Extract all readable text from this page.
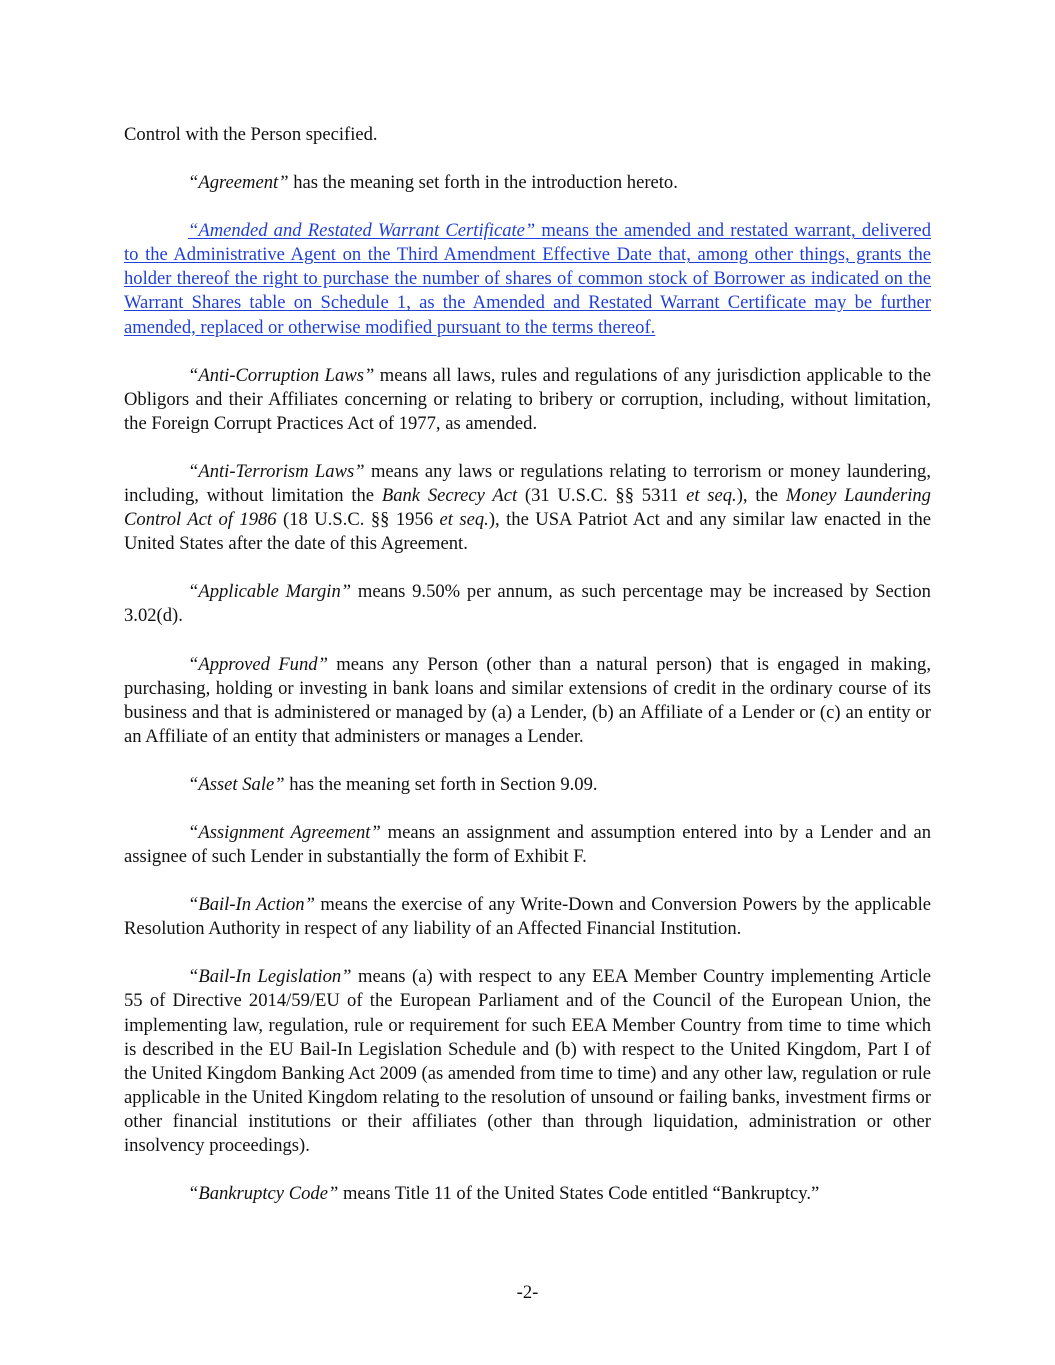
Control with the Person specified.

“Agreement” has the meaning set forth in the introduction hereto.

“Amended and Restated Warrant Certificate” means the amended and restated warrant, delivered to the Administrative Agent on the Third Amendment Effective Date that, among other things, grants the holder thereof the right to purchase the number of shares of common stock of Borrower as indicated on the Warrant Shares table on Schedule 1, as the Amended and Restated Warrant Certificate may be further amended, replaced or otherwise modified pursuant to the terms thereof.

“Anti-Corruption Laws” means all laws, rules and regulations of any jurisdiction applicable to the Obligors and their Affiliates concerning or relating to bribery or corruption, including, without limitation, the Foreign Corrupt Practices Act of 1977, as amended.

“Anti-Terrorism Laws” means any laws or regulations relating to terrorism or money laundering, including, without limitation the Bank Secrecy Act (31 U.S.C. §§ 5311 et seq.), the Money Laundering Control Act of 1986 (18 U.S.C. §§ 1956 et seq.), the USA Patriot Act and any similar law enacted in the United States after the date of this Agreement.

“Applicable Margin” means 9.50% per annum, as such percentage may be increased by Section 3.02(d).

“Approved Fund” means any Person (other than a natural person) that is engaged in making, purchasing, holding or investing in bank loans and similar extensions of credit in the ordinary course of its business and that is administered or managed by (a) a Lender, (b) an Affiliate of a Lender or (c) an entity or an Affiliate of an entity that administers or manages a Lender.

“Asset Sale” has the meaning set forth in Section 9.09.

“Assignment Agreement” means an assignment and assumption entered into by a Lender and an assignee of such Lender in substantially the form of Exhibit F.

“Bail-In Action” means the exercise of any Write-Down and Conversion Powers by the applicable Resolution Authority in respect of any liability of an Affected Financial Institution.

“Bail-In Legislation” means (a) with respect to any EEA Member Country implementing Article 55 of Directive 2014/59/EU of the European Parliament and of the Council of the European Union, the implementing law, regulation, rule or requirement for such EEA Member Country from time to time which is described in the EU Bail-In Legislation Schedule and (b) with respect to the United Kingdom, Part I of the United Kingdom Banking Act 2009 (as amended from time to time) and any other law, regulation or rule applicable in the United Kingdom relating to the resolution of unsound or failing banks, investment firms or other financial institutions or their affiliates (other than through liquidation, administration or other insolvency proceedings).

“Bankruptcy Code” means Title 11 of the United States Code entitled “Bankruptcy.”

-2-
